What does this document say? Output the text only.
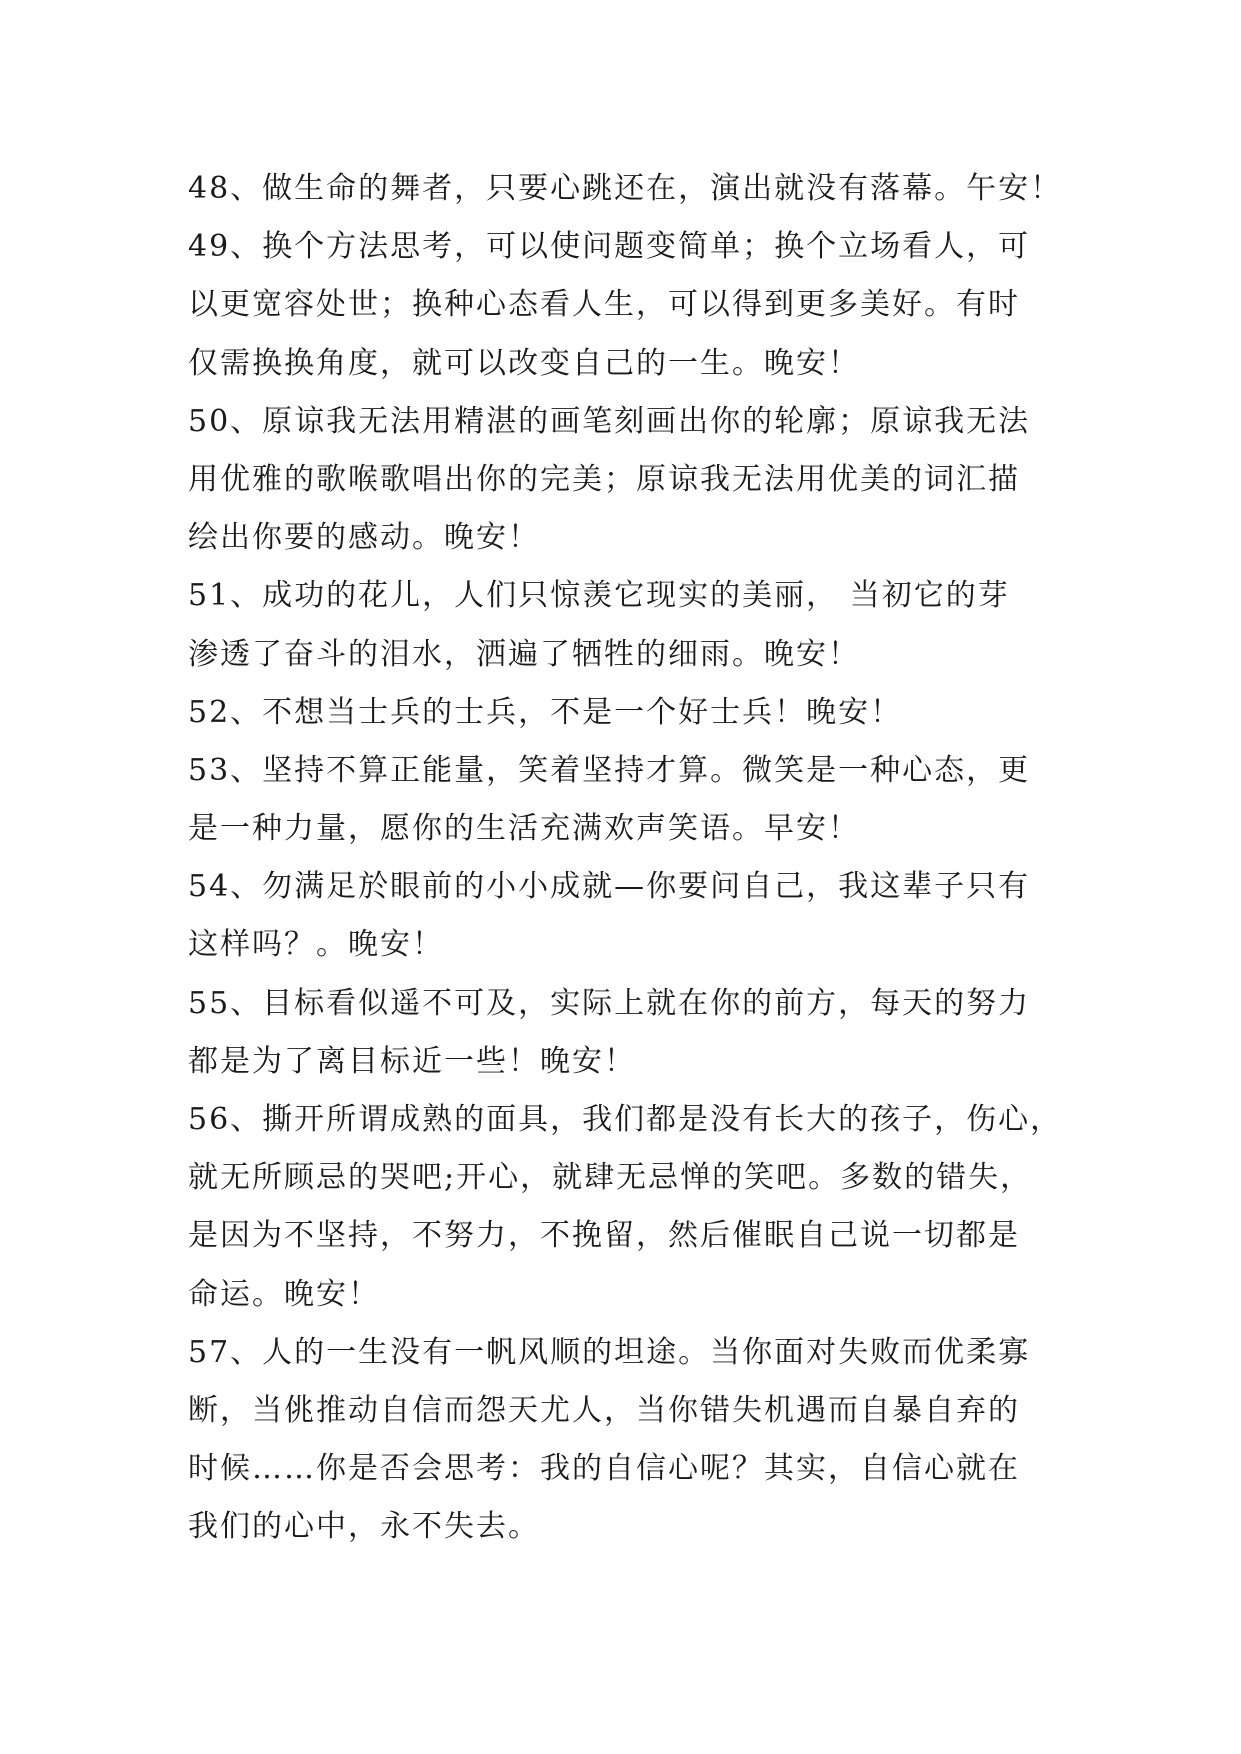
48、做生命的舞者，只要心跳还在，演出就没有落幕。午安！
49、换个方法思考，可以使问题变简单；换个立场看人，可
以更宽容处世；换种心态看人生，可以得到更多美好。有时
仅需换换角度，就可以改变自己的一生。晚安！
50、原谅我无法用精湛的画笔刻画出你的轮廓；原谅我无法
用优雅的歌喉歌唱出你的完美；原谅我无法用优美的词汇描
绘出你要的感动。晚安！
51、成功的花儿，人们只惊羡它现实的美丽， 当初它的芽
渗透了奋斗的泪水，洒遍了牺牲的细雨。晚安！
52、不想当士兵的士兵，不是一个好士兵！晚安！
53、坚持不算正能量，笑着坚持才算。微笑是一种心态，更
是一种力量，愿你的生活充满欢声笑语。早安！
54、勿满足於眼前的小小成就—你要问自己，我这辈子只有
这样吗？。晚安！
55、目标看似遥不可及，实际上就在你的前方，每天的努力
都是为了离目标近一些！晚安！
56、撕开所谓成熟的面具，我们都是没有长大的孩子，伤心，
就无所顾忌的哭吧;开心，就肆无忌惮的笑吧。多数的错失，
是因为不坚持，不努力，不挽留，然后催眠自己说一切都是
命运。晚安！
57、人的一生没有一帆风顺的坦途。当你面对失败而优柔寡
断，当佻推动自信而怨天尤人，当你错失机遇而自暴自弃的
时候……你是否会思考：我的自信心呢？其实，自信心就在
我们的心中，永不失去。
